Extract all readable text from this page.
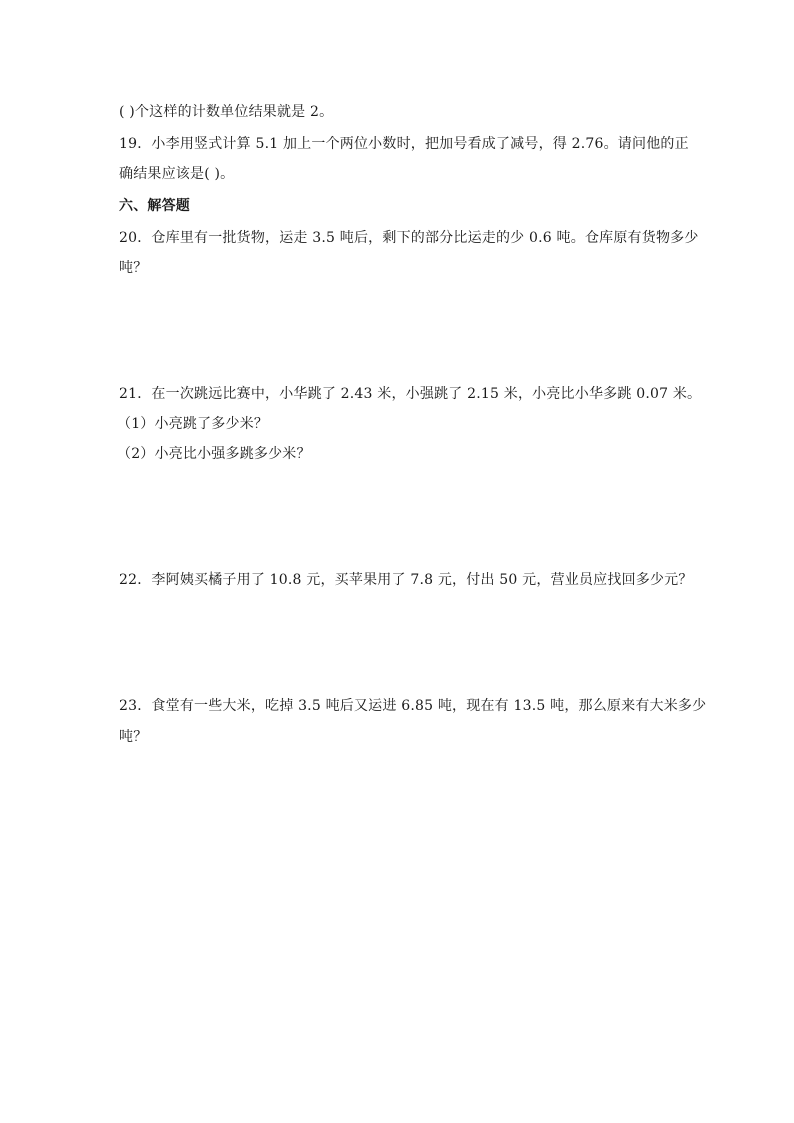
( )个这样的计数单位结果就是 2。
19．小李用竖式计算 5.1 加上一个两位小数时，把加号看成了减号，得 2.76。请问他的正
确结果应该是( )。
六、解答题
20．仓库里有一批货物，运走 3.5 吨后，剩下的部分比运走的少 0.6 吨。仓库原有货物多少
吨？
21．在一次跳远比赛中，小华跳了 2.43 米，小强跳了 2.15 米，小亮比小华多跳 0.07 米。
（1）小亮跳了多少米？
（2）小亮比小强多跳多少米？
22．李阿姨买橘子用了 10.8 元，买苹果用了 7.8 元，付出 50 元，营业员应找回多少元？
23．食堂有一些大米，吃掉 3.5 吨后又运进 6.85 吨，现在有 13.5 吨，那么原来有大米多少
吨？
